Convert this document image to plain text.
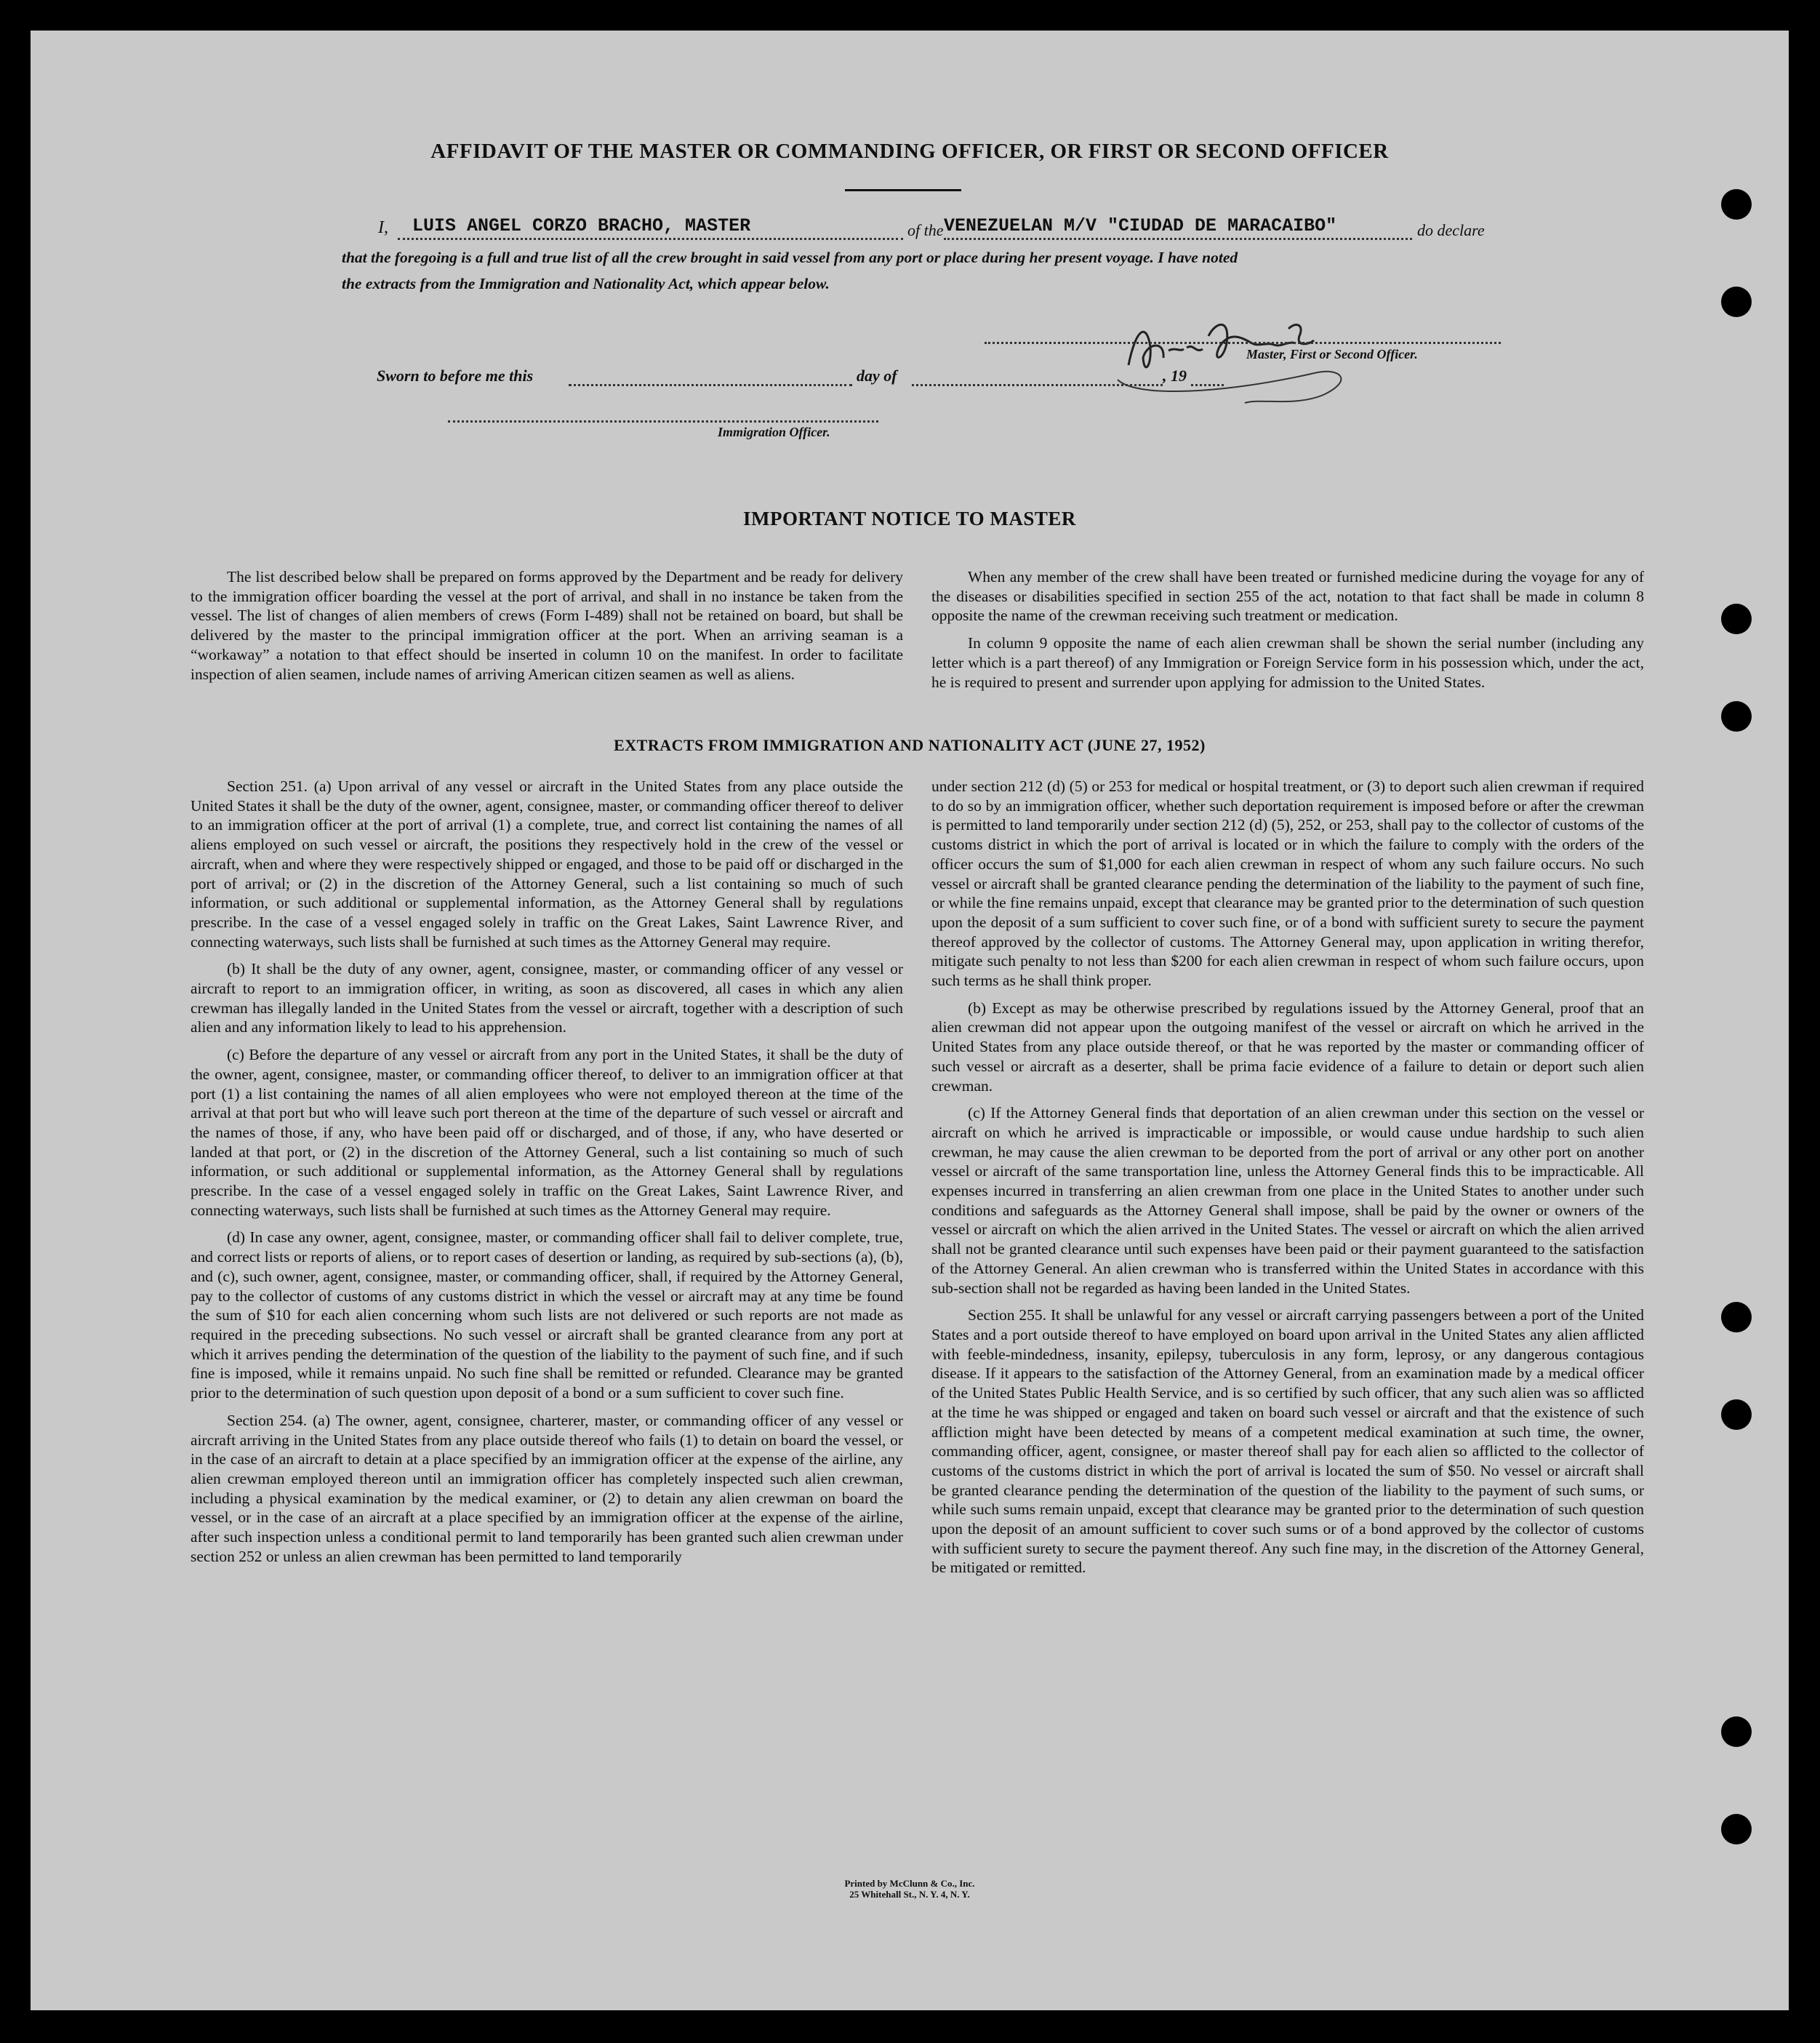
AFFIDAVIT OF THE MASTER OR COMMANDING OFFICER, OR FIRST OR SECOND OFFICER
I, LUIS ANGEL CORZO BRACHO, MASTER	of the VENEZUELAN M/V "CIUDAD DE MARACAIBO"	do declare
that the foregoing is a full and true list of all the crew brought in said vessel from any port or place during her present voyage. I have noted
the extracts from the Immigration and Nationality Act, which appear below.
Master, First or Second Officer.
Sworn to before me this	day of	, 19
Immigration Officer.
IMPORTANT NOTICE TO MASTER

The list described below shall be prepared on forms approved by the Department and be ready for delivery to the immigration officer boarding the vessel at the port of arrival, and shall in no instance be taken from the vessel. The list of changes of alien members of crews (Form I-489) shall not be retained on board, but shall be delivered by the master to the principal immigration officer at the port. When an arriving seaman is a “workaway” a notation to that effect should be inserted in column 10 on the manifest. In order to facilitate inspection of alien seamen, include names of arriving American citizen seamen as well as aliens.

When any member of the crew shall have been treated or furnished medicine during the voyage for any of the diseases or disabilities specified in section 255 of the act, notation to that fact shall be made in column 8 opposite the name of the crewman receiving such treatment or medication.

In column 9 opposite the name of each alien crewman shall be shown the serial number (including any letter which is a part thereof) of any Immigration or Foreign Service form in his possession which, under the act, he is required to present and surrender upon applying for admission to the United States.

EXTRACTS FROM IMMIGRATION AND NATIONALITY ACT (JUNE 27, 1952)

Section 251. (a) Upon arrival of any vessel or aircraft in the United States from any place outside the United States it shall be the duty of the owner, agent, consignee, master, or commanding officer thereof to deliver to an immigration officer at the port of arrival (1) a complete, true, and correct list containing the names of all aliens employed on such vessel or aircraft, the positions they respectively hold in the crew of the vessel or aircraft, when and where they were respectively shipped or engaged, and those to be paid off or discharged in the port of arrival; or (2) in the discretion of the Attorney General, such a list containing so much of such information, or such additional or supplemental information, as the Attorney General shall by regulations prescribe. In the case of a vessel engaged solely in traffic on the Great Lakes, Saint Lawrence River, and connecting waterways, such lists shall be furnished at such times as the Attorney General may require.

(b) It shall be the duty of any owner, agent, consignee, master, or commanding officer of any vessel or aircraft to report to an immigration officer, in writing, as soon as discovered, all cases in which any alien crewman has illegally landed in the United States from the vessel or aircraft, together with a description of such alien and any information likely to lead to his apprehension.

(c) Before the departure of any vessel or aircraft from any port in the United States, it shall be the duty of the owner, agent, consignee, master, or commanding officer thereof, to deliver to an immigration officer at that port (1) a list containing the names of all alien employees who were not employed thereon at the time of the arrival at that port but who will leave such port thereon at the time of the departure of such vessel or aircraft and the names of those, if any, who have been paid off or discharged, and of those, if any, who have deserted or landed at that port, or (2) in the discretion of the Attorney General, such a list containing so much of such information, or such additional or supplemental information, as the Attorney General shall by regulations prescribe. In the case of a vessel engaged solely in traffic on the Great Lakes, Saint Lawrence River, and connecting waterways, such lists shall be furnished at such times as the Attorney General may require.

(d) In case any owner, agent, consignee, master, or commanding officer shall fail to deliver complete, true, and correct lists or reports of aliens, or to report cases of desertion or landing, as required by sub-sections (a), (b), and (c), such owner, agent, consignee, master, or commanding officer, shall, if required by the Attorney General, pay to the collector of customs of any customs district in which the vessel or aircraft may at any time be found the sum of $10 for each alien concerning whom such lists are not delivered or such reports are not made as required in the preceding subsections. No such vessel or aircraft shall be granted clearance from any port at which it arrives pending the determination of the question of the liability to the payment of such fine, and if such fine is imposed, while it remains unpaid. No such fine shall be remitted or refunded. Clearance may be granted prior to the determination of such question upon deposit of a bond or a sum sufficient to cover such fine.

Section 254. (a) The owner, agent, consignee, charterer, master, or commanding officer of any vessel or aircraft arriving in the United States from any place outside thereof who fails (1) to detain on board the vessel, or in the case of an aircraft to detain at a place specified by an immigration officer at the expense of the airline, any alien crewman employed thereon until an immigration officer has completely inspected such alien crewman, including a physical examination by the medical examiner, or (2) to detain any alien crewman on board the vessel, or in the case of an aircraft at a place specified by an immigration officer at the expense of the airline, after such inspection unless a conditional permit to land temporarily has been granted such alien crewman under section 252 or unless an alien crewman has been permitted to land temporarily

under section 212 (d) (5) or 253 for medical or hospital treatment, or (3) to deport such alien crewman if required to do so by an immigration officer, whether such deportation requirement is imposed before or after the crewman is permitted to land temporarily under section 212 (d) (5), 252, or 253, shall pay to the collector of customs of the customs district in which the port of arrival is located or in which the failure to comply with the orders of the officer occurs the sum of $1,000 for each alien crewman in respect of whom any such failure occurs. No such vessel or aircraft shall be granted clearance pending the determination of the liability to the payment of such fine, or while the fine remains unpaid, except that clearance may be granted prior to the determination of such question upon the deposit of a sum sufficient to cover such fine, or of a bond with sufficient surety to secure the payment thereof approved by the collector of customs. The Attorney General may, upon application in writing therefor, mitigate such penalty to not less than $200 for each alien crewman in respect of whom such failure occurs, upon such terms as he shall think proper.

(b) Except as may be otherwise prescribed by regulations issued by the Attorney General, proof that an alien crewman did not appear upon the outgoing manifest of the vessel or aircraft on which he arrived in the United States from any place outside thereof, or that he was reported by the master or commanding officer of such vessel or aircraft as a deserter, shall be prima facie evidence of a failure to detain or deport such alien crewman.

(c) If the Attorney General finds that deportation of an alien crewman under this section on the vessel or aircraft on which he arrived is impracticable or impossible, or would cause undue hardship to such alien crewman, he may cause the alien crewman to be deported from the port of arrival or any other port on another vessel or aircraft of the same transportation line, unless the Attorney General finds this to be impracticable. All expenses incurred in transferring an alien crewman from one place in the United States to another under such conditions and safeguards as the Attorney General shall impose, shall be paid by the owner or owners of the vessel or aircraft on which the alien arrived in the United States. The vessel or aircraft on which the alien arrived shall not be granted clearance until such expenses have been paid or their payment guaranteed to the satisfaction of the Attorney General. An alien crewman who is transferred within the United States in accordance with this sub-section shall not be regarded as having been landed in the United States.

Section 255. It shall be unlawful for any vessel or aircraft carrying passengers between a port of the United States and a port outside thereof to have employed on board upon arrival in the United States any alien afflicted with feeble-mindedness, insanity, epilepsy, tuberculosis in any form, leprosy, or any dangerous contagious disease. If it appears to the satisfaction of the Attorney General, from an examination made by a medical officer of the United States Public Health Service, and is so certified by such officer, that any such alien was so afflicted at the time he was shipped or engaged and taken on board such vessel or aircraft and that the existence of such affliction might have been detected by means of a competent medical examination at such time, the owner, commanding officer, agent, consignee, or master thereof shall pay for each alien so afflicted to the collector of customs of the customs district in which the port of arrival is located the sum of $50. No vessel or aircraft shall be granted clearance pending the determination of the question of the liability to the payment of such sums, or while such sums remain unpaid, except that clearance may be granted prior to the determination of such question upon the deposit of an amount sufficient to cover such sums or of a bond approved by the collector of customs with sufficient surety to secure the payment thereof. Any such fine may, in the discretion of the Attorney General, be mitigated or remitted.

Printed by McClunn & Co., Inc.
25 Whitehall St., N. Y. 4, N. Y.
